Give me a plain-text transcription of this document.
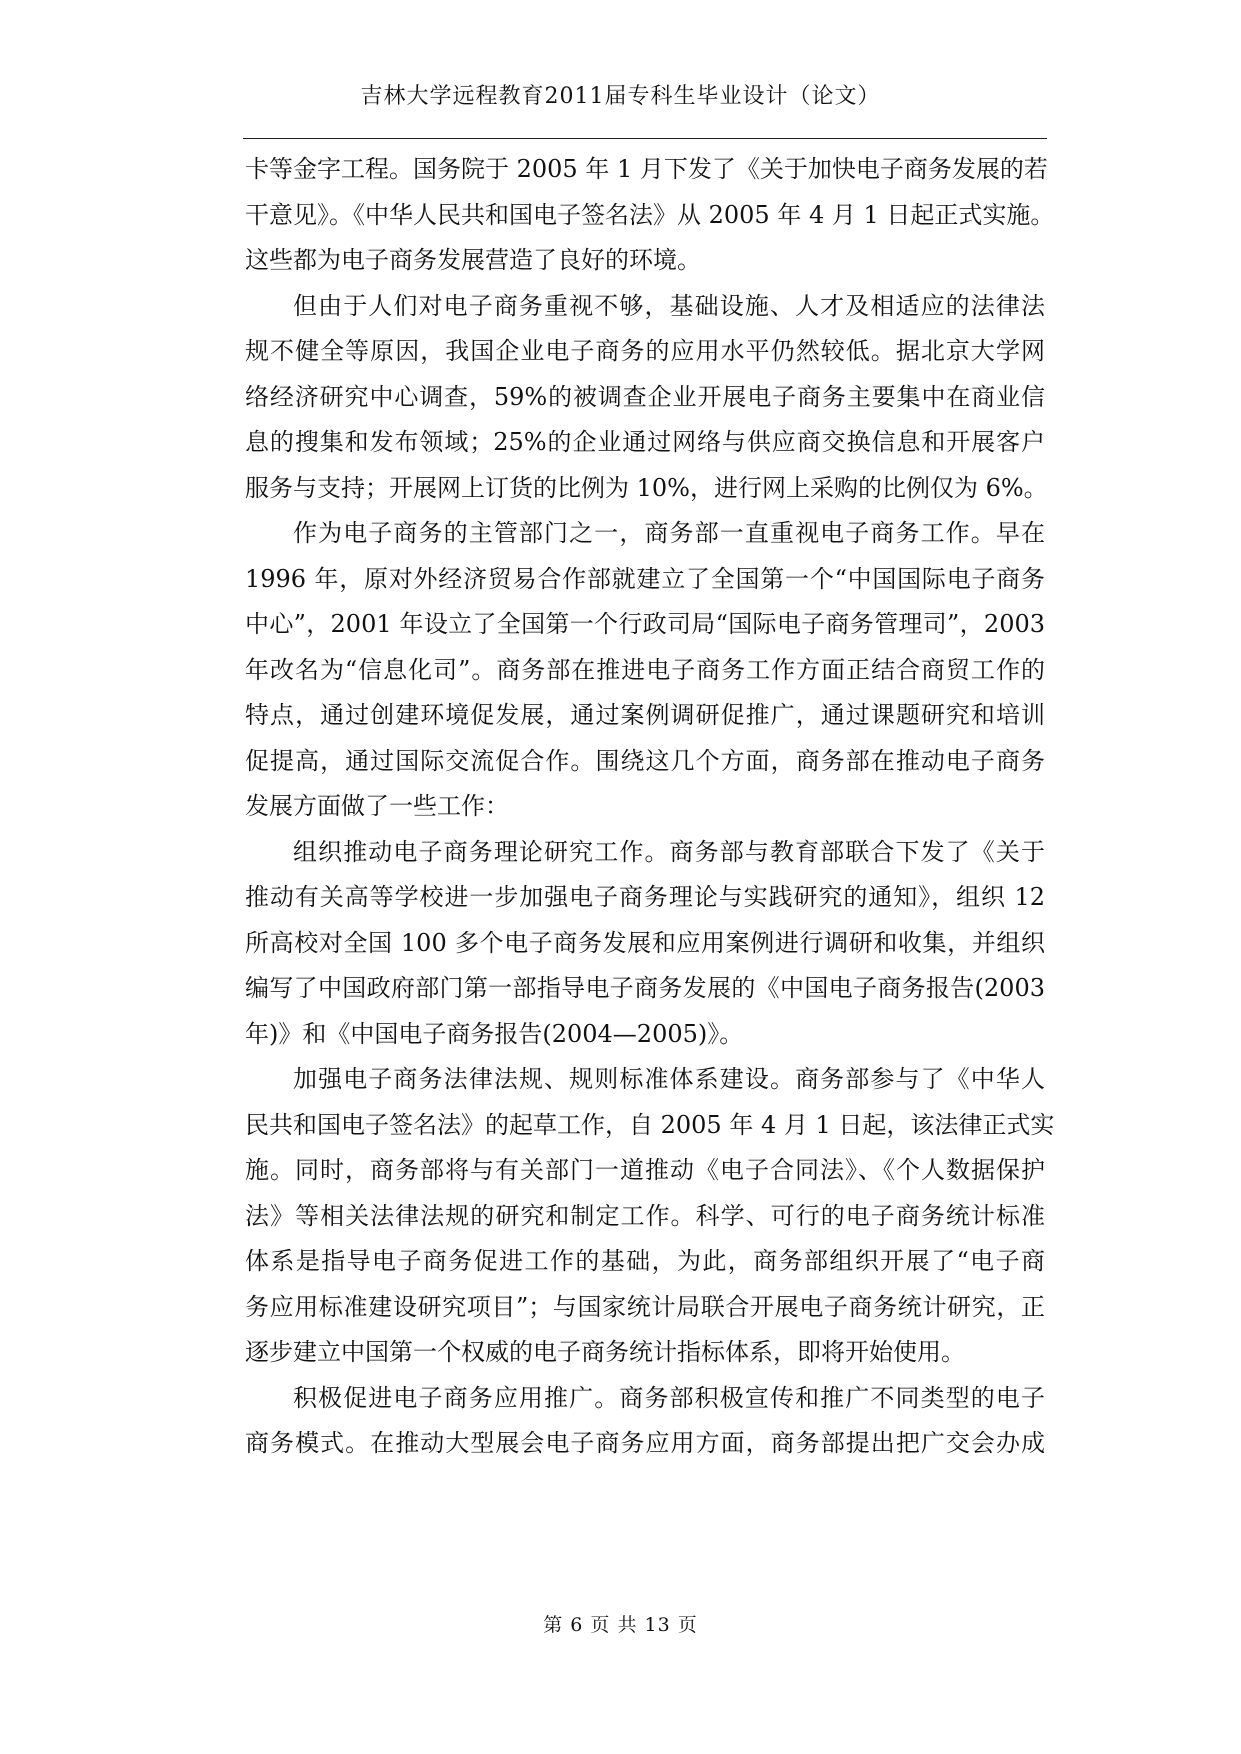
吉林大学远程教育2011届专科生毕业设计（论文）

卡等金字工程。国务院于 2005 年 1 月下发了《关于加快电子商务发展的若
干意见》。《中华人民共和国电子签名法》从 2005 年 4 月 1 日起正式实施。
这些都为电子商务发展营造了良好的环境。

但由于人们对电子商务重视不够，基础设施、人才及相适应的法律法
规不健全等原因，我国企业电子商务的应用水平仍然较低。据北京大学网
络经济研究中心调查，59%的被调查企业开展电子商务主要集中在商业信
息的搜集和发布领域；25%的企业通过网络与供应商交换信息和开展客户
服务与支持；开展网上订货的比例为 10%，进行网上采购的比例仅为 6%。

作为电子商务的主管部门之一，商务部一直重视电子商务工作。早在
1996 年，原对外经济贸易合作部就建立了全国第一个“中国国际电子商务
中心”，2001 年设立了全国第一个行政司局“国际电子商务管理司”，2003
年改名为“信息化司”。商务部在推进电子商务工作方面正结合商贸工作的
特点，通过创建环境促发展，通过案例调研促推广，通过课题研究和培训
促提高，通过国际交流促合作。围绕这几个方面，商务部在推动电子商务
发展方面做了一些工作：

组织推动电子商务理论研究工作。商务部与教育部联合下发了《关于
推动有关高等学校进一步加强电子商务理论与实践研究的通知》，组织 12
所高校对全国 100 多个电子商务发展和应用案例进行调研和收集，并组织
编写了中国政府部门第一部指导电子商务发展的《中国电子商务报告(2003
年)》和《中国电子商务报告(2004—2005)》。

加强电子商务法律法规、规则标准体系建设。商务部参与了《中华人
民共和国电子签名法》的起草工作，自 2005 年 4 月 1 日起，该法律正式实
施。同时，商务部将与有关部门一道推动《电子合同法》、《个人数据保护
法》等相关法律法规的研究和制定工作。科学、可行的电子商务统计标准
体系是指导电子商务促进工作的基础，为此，商务部组织开展了“电子商
务应用标准建设研究项目”；与国家统计局联合开展电子商务统计研究，正
逐步建立中国第一个权威的电子商务统计指标体系，即将开始使用。

积极促进电子商务应用推广。商务部积极宣传和推广不同类型的电子
商务模式。在推动大型展会电子商务应用方面，商务部提出把广交会办成

第 6 页 共 13 页
